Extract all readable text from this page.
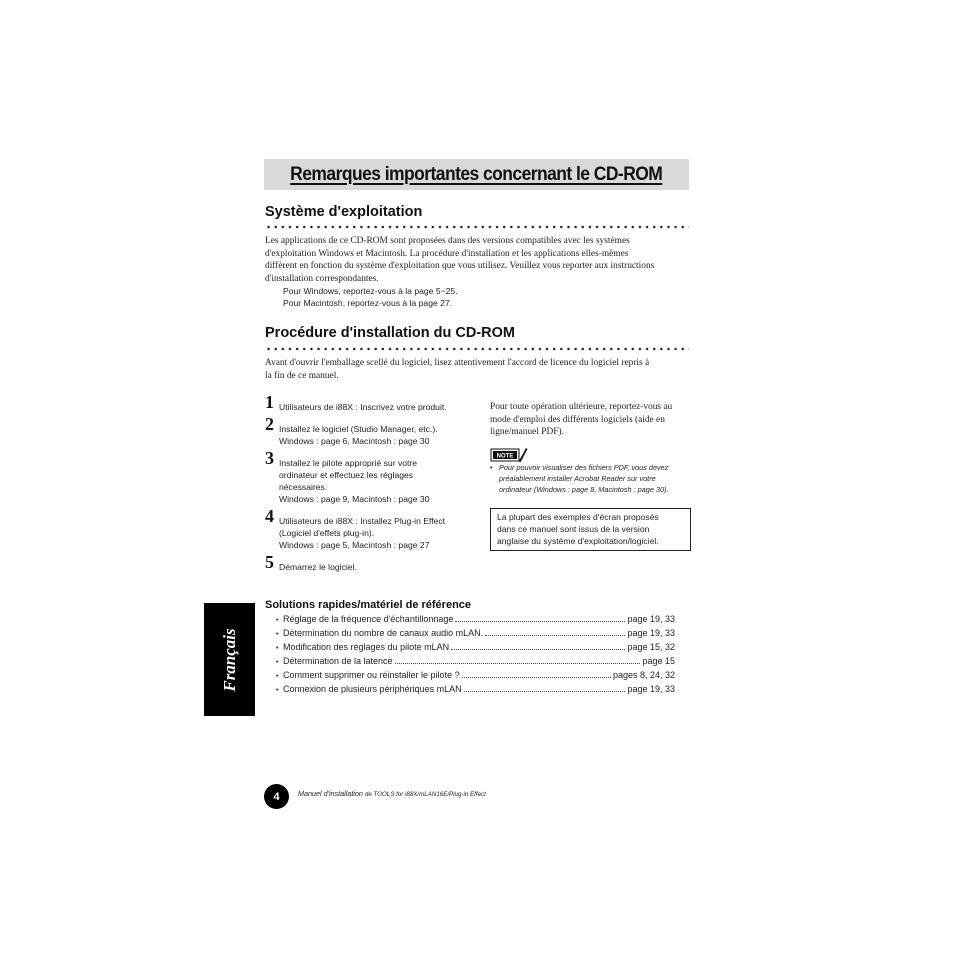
Remarques importantes concernant le CD-ROM
Système d'exploitation
Les applications de ce CD-ROM sont proposées dans des versions compatibles avec les systèmes
d'exploitation Windows et Macintosh. La procédure d'installation et les applications elles-mêmes
diffèrent en fonction du système d'exploitation que vous utilisez. Veuillez vous reporter aux instructions
d'installation correspondantes.
Pour Windows, reportez-vous à la page 5~25.
Pour Macintosh, reportez-vous à la page 27.
Procédure d'installation du CD-ROM
Avant d'ouvrir l'emballage scellé du logiciel, lisez attentivement l'accord de licence du logiciel repris à
la fin de ce manuel.
1 Utilisateurs de i88X : Inscrivez votre produit.
2 Installez le logiciel (Studio Manager, etc.).
Windows : page 6, Macintosh : page 30
3 Installez le pilote approprié sur votre
ordinateur et effectuez les réglages
nécessaires.
Windows : page 9, Macintosh : page 30
4 Utilisateurs de i88X : Installez Plug-in Effect
(Logiciel d'effets plug-in).
Windows : page 5, Macintosh : page 27
5 Démarrez le logiciel.
Pour toute opération ultérieure, reportez-vous au
mode d'emploi des différents logiciels (aide en
ligne/manuel PDF).
NOTE
• Pour pouvoir visualiser des fichiers PDF, vous devez
préalablement installer Acrobat Reader sur votre
ordinateur (Windows : page 8, Macintosh : page 30).
La plupart des exemples d'écran proposés
dans ce manuel sont issus de la version
anglaise du système d'exploitation/logiciel.
Solutions rapides/matériel de référence
• Réglage de la fréquence d'échantillonnage	page 19, 33
• Détermination du nombre de canaux audio mLAN.	page 19, 33
• Modification des réglages du pilote mLAN	page 15, 32
• Détermination de la latence	page 15
• Comment supprimer ou réinstaller le pilote ?	pages 8, 24, 32
• Connexion de plusieurs périphériques mLAN	page 19, 33
Français
4	Manuel d'installation de TOOLS for i88X/mLAN16E/Plug-in Effect
